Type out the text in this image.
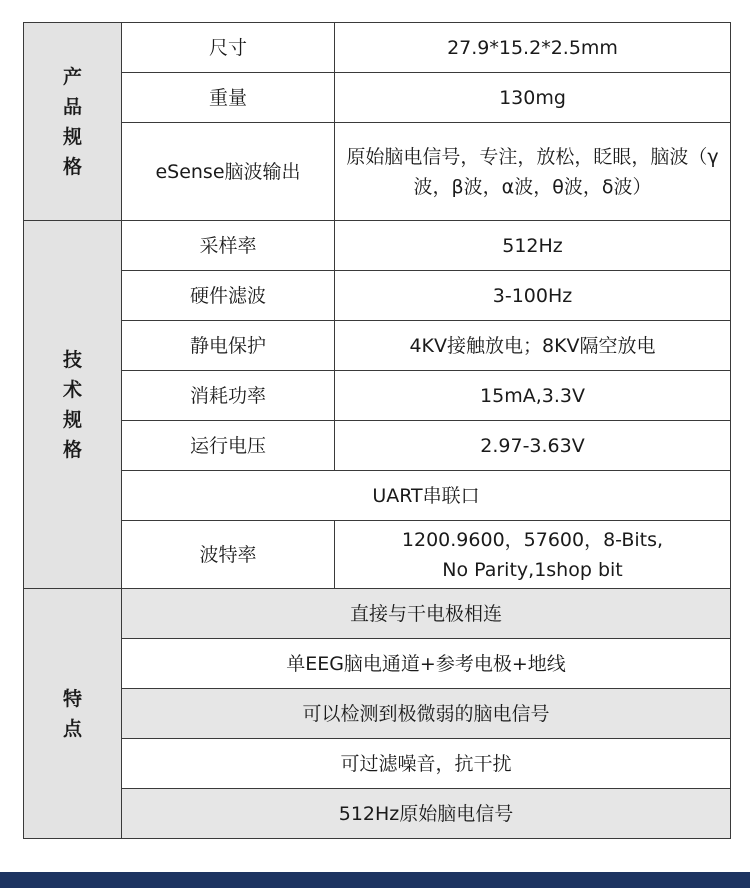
产
品
规
格	尺寸	27.9*15.2*2.5mm
	重量	130mg
	eSense脑波输出	原始脑电信号，专注，放松，眨眼，脑波（γ波，β波，α波，θ波，δ波）

技
术
规
格	采样率	512Hz
	硬件滤波	3-100Hz
	静电保护	4KV接触放电；8KV隔空放电
	消耗功率	15mA,3.3V
	运行电压	2.97-3.63V
	UART串联口	
	波特率	1200.9600，57600，8-Bits,
No Parity,1shop bit

特
点	直接与干电极相连	
	单EEG脑电通道+参考电极+地线	
	可以检测到极微弱的脑电信号	
	可过滤噪音，抗干扰	
	512Hz原始脑电信号	
